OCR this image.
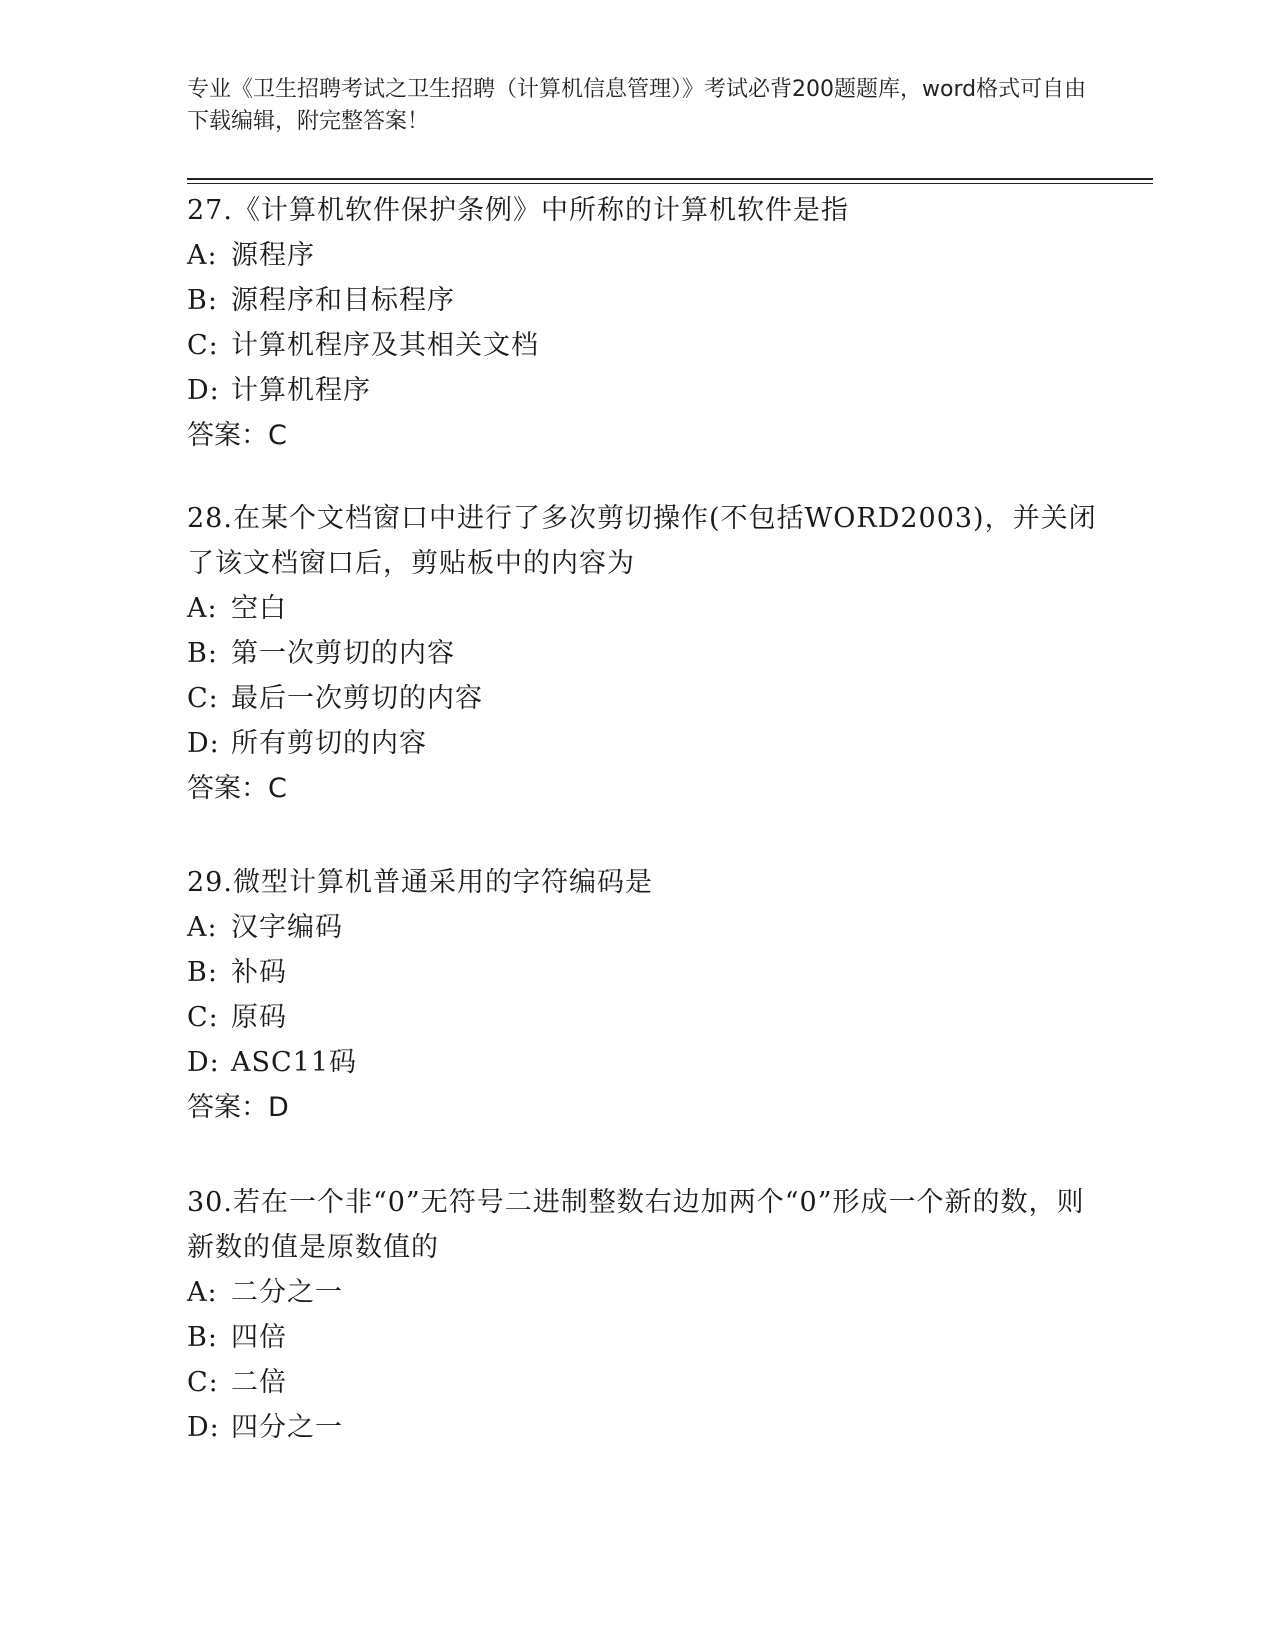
专业《卫生招聘考试之卫生招聘（计算机信息管理）》考试必背200题题库，word格式可自由下载编辑，附完整答案！

27.《计算机软件保护条例》中所称的计算机软件是指

A: 源程序

B: 源程序和目标程序

C: 计算机程序及其相关文档

D: 计算机程序

答案：C

28.在某个文档窗口中进行了多次剪切操作(不包括WORD2003)，并关闭了该文档窗口后，剪贴板中的内容为

A: 空白

B: 第一次剪切的内容

C: 最后一次剪切的内容

D: 所有剪切的内容

答案：C

29.微型计算机普通采用的字符编码是

A: 汉字编码

B: 补码

C: 原码

D: ASC11码

答案：D

30.若在一个非“0”无符号二进制整数右边加两个“0”形成一个新的数，则新数的值是原数值的

A: 二分之一

B: 四倍

C: 二倍

D: 四分之一
